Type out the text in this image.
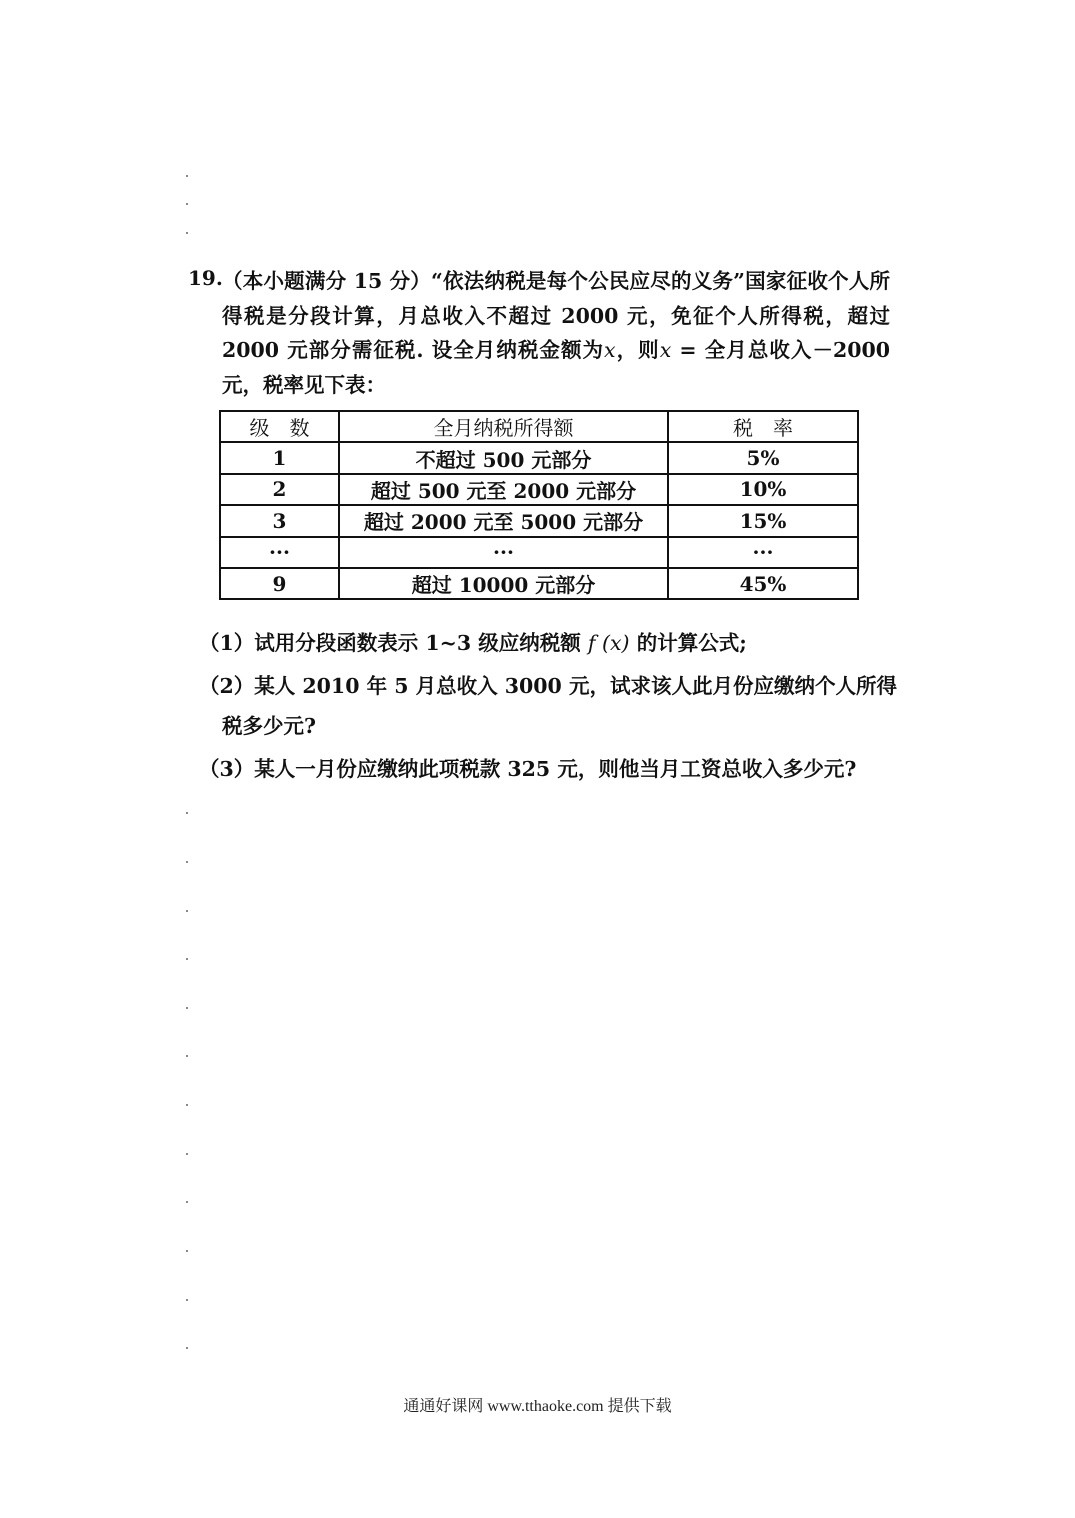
19. （本小题满分 15 分）“依法纳税是每个公民应尽的义务”国家征收个人所得税是分段计算，月总收入不超过 2000 元，免征个人所得税，超过 2000 元部分需征税. 设全月纳税金额为x，则x = 全月总收入－2000元，税率见下表：
级　数	全月纳税所得额	税　率
1	不超过 500 元部分	5%
2	超过 500 元至 2000 元部分	10%
3	超过 2000 元至 5000 元部分	15%
···	···	···
9	超过 10000 元部分	45%
（1）试用分段函数表示 1~3 级应纳税额 f (x) 的计算公式;
（2）某人 2010 年 5 月总收入 3000 元，试求该人此月份应缴纳个人所得
税多少元?
（3）某人一月份应缴纳此项税款 325 元，则他当月工资总收入多少元?
通通好课网 www.tthaoke.com 提供下载
